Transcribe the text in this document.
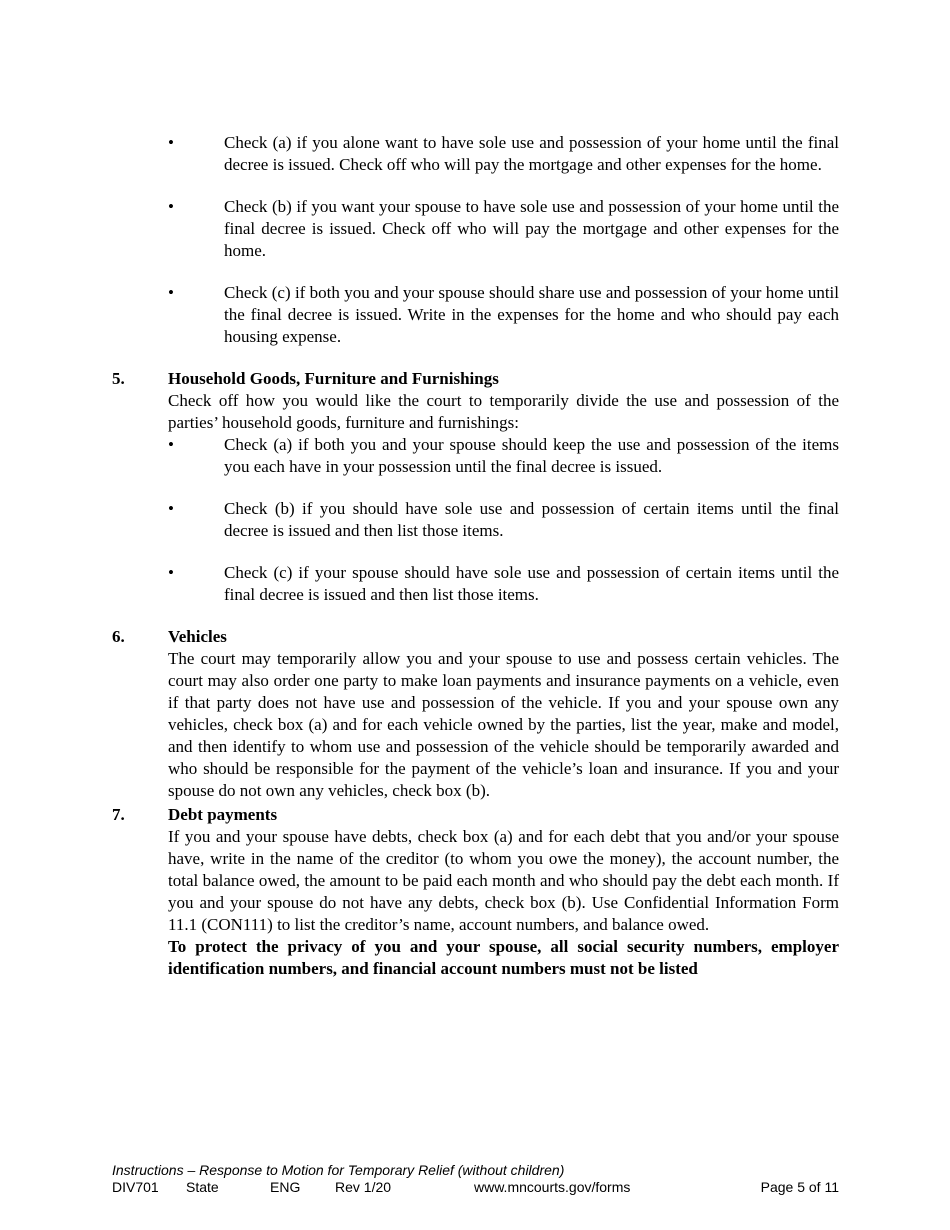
•	Check (a) if you alone want to have sole use and possession of your home until the final decree is issued. Check off who will pay the mortgage and other expenses for the home.
•	Check (b) if you want your spouse to have sole use and possession of your home until the final decree is issued. Check off who will pay the mortgage and other expenses for the home.
•	Check (c) if both you and your spouse should share use and possession of your home until the final decree is issued. Write in the expenses for the home and who should pay each housing expense.
5.	Household Goods, Furniture and Furnishings

Check off how you would like the court to temporarily divide the use and possession of the parties’ household goods, furniture and furnishings:

•	Check (a) if both you and your spouse should keep the use and possession of the items you each have in your possession until the final decree is issued.
•	Check (b) if you should have sole use and possession of certain items until the final decree is issued and then list those items.
•	Check (c) if your spouse should have sole use and possession of certain items until the final decree is issued and then list those items.
6.	Vehicles

The court may temporarily allow you and your spouse to use and possess certain vehicles. The court may also order one party to make loan payments and insurance payments on a vehicle, even if that party does not have use and possession of the vehicle. If you and your spouse own any vehicles, check box (a) and for each vehicle owned by the parties, list the year, make and model, and then identify to whom use and possession of the vehicle should be temporarily awarded and who should be responsible for the payment of the vehicle’s loan and insurance. If you and your spouse do not own any vehicles, check box (b).

7.	Debt payments

If you and your spouse have debts, check box (a) and for each debt that you and/or your spouse have, write in the name of the creditor (to whom you owe the money), the account number, the total balance owed, the amount to be paid each month and who should pay the debt each month. If you and your spouse do not have any debts, check box (b). Use Confidential Information Form 11.1 (CON111) to list the creditor’s name, account numbers, and balance owed.

To protect the privacy of you and your spouse, all social security numbers, employer identification numbers, and financial account numbers must not be listed

Instructions – Response to Motion for Temporary Relief (without children)
DIV701 State	ENG Rev 1/20	www.mncourts.gov/forms	Page 5 of 11
